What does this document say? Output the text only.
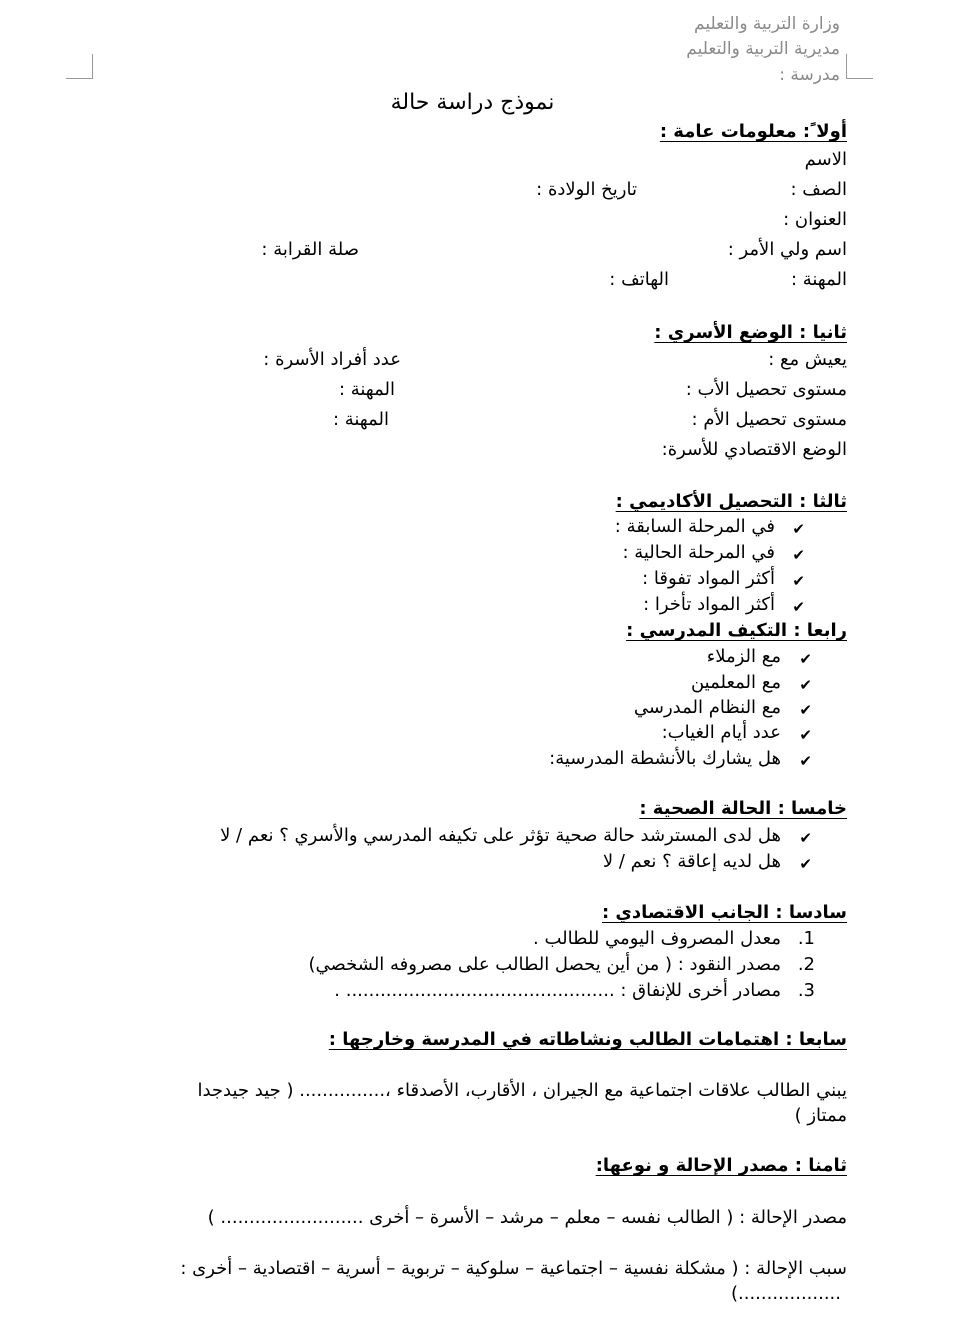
وزارة التربية والتعليم
مديرية التربية والتعليم
مدرسة :
نموذج دراسة حالة
أولا ً: معلومات عامة :
الاسم
الصف :
تاريخ الولادة :
العنوان :
اسم ولي الأمر :
صلة القرابة :
المهنة :
الهاتف :
ثانيا : الوضع الأسري :
يعيش مع :
عدد أفراد الأسرة :
مستوى تحصيل الأب :
المهنة :
مستوى تحصيل الأم :
المهنة :
الوضع الاقتصادي للأسرة:
ثالثا : التحصيل الأكاديمي :
في المرحلة السابقة : ✔
في المرحلة الحالية : ✔
أكثر المواد تفوقا : ✔
أكثر المواد تأخرا : ✔
رابعا : التكيف المدرسي :
مع الزملاء ✔
مع المعلمين ✔
مع النظام المدرسي ✔
عدد أيام الغياب: ✔
هل يشارك بالأنشطة المدرسية: ✔
خامسا : الحالة الصحية :
هل لدى المسترشد حالة صحية تؤثر على تكيفه المدرسي والأسري ؟ نعم / لا ✔
هل لديه إعاقة ؟ نعم / لا ✔
سادسا : الجانب الاقتصادي :
معدل المصروف اليومي للطالب . .1
مصدر النقود : ( من أين يحصل الطالب على مصروفه الشخصي) .2
مصادر أخرى للإنفاق : ............................................... . .3
سابعا : اهتمامات الطالب ونشاطاته في المدرسة وخارجها :
يبني الطالب علاقات اجتماعية مع الجيران ، الأقارب، الأصدقاء ،............... ( جيد جيدجدا
ممتاز )
ثامنا : مصدر الإحالة و نوعها:
مصدر الإحالة : ( الطالب نفسه – معلم – مرشد – الأسرة – أخرى ......................... )
سبب الإحالة : ( مشكلة نفسية – اجتماعية – سلوكية – تربوية – أسرية – اقتصادية – أخرى :
..................)
